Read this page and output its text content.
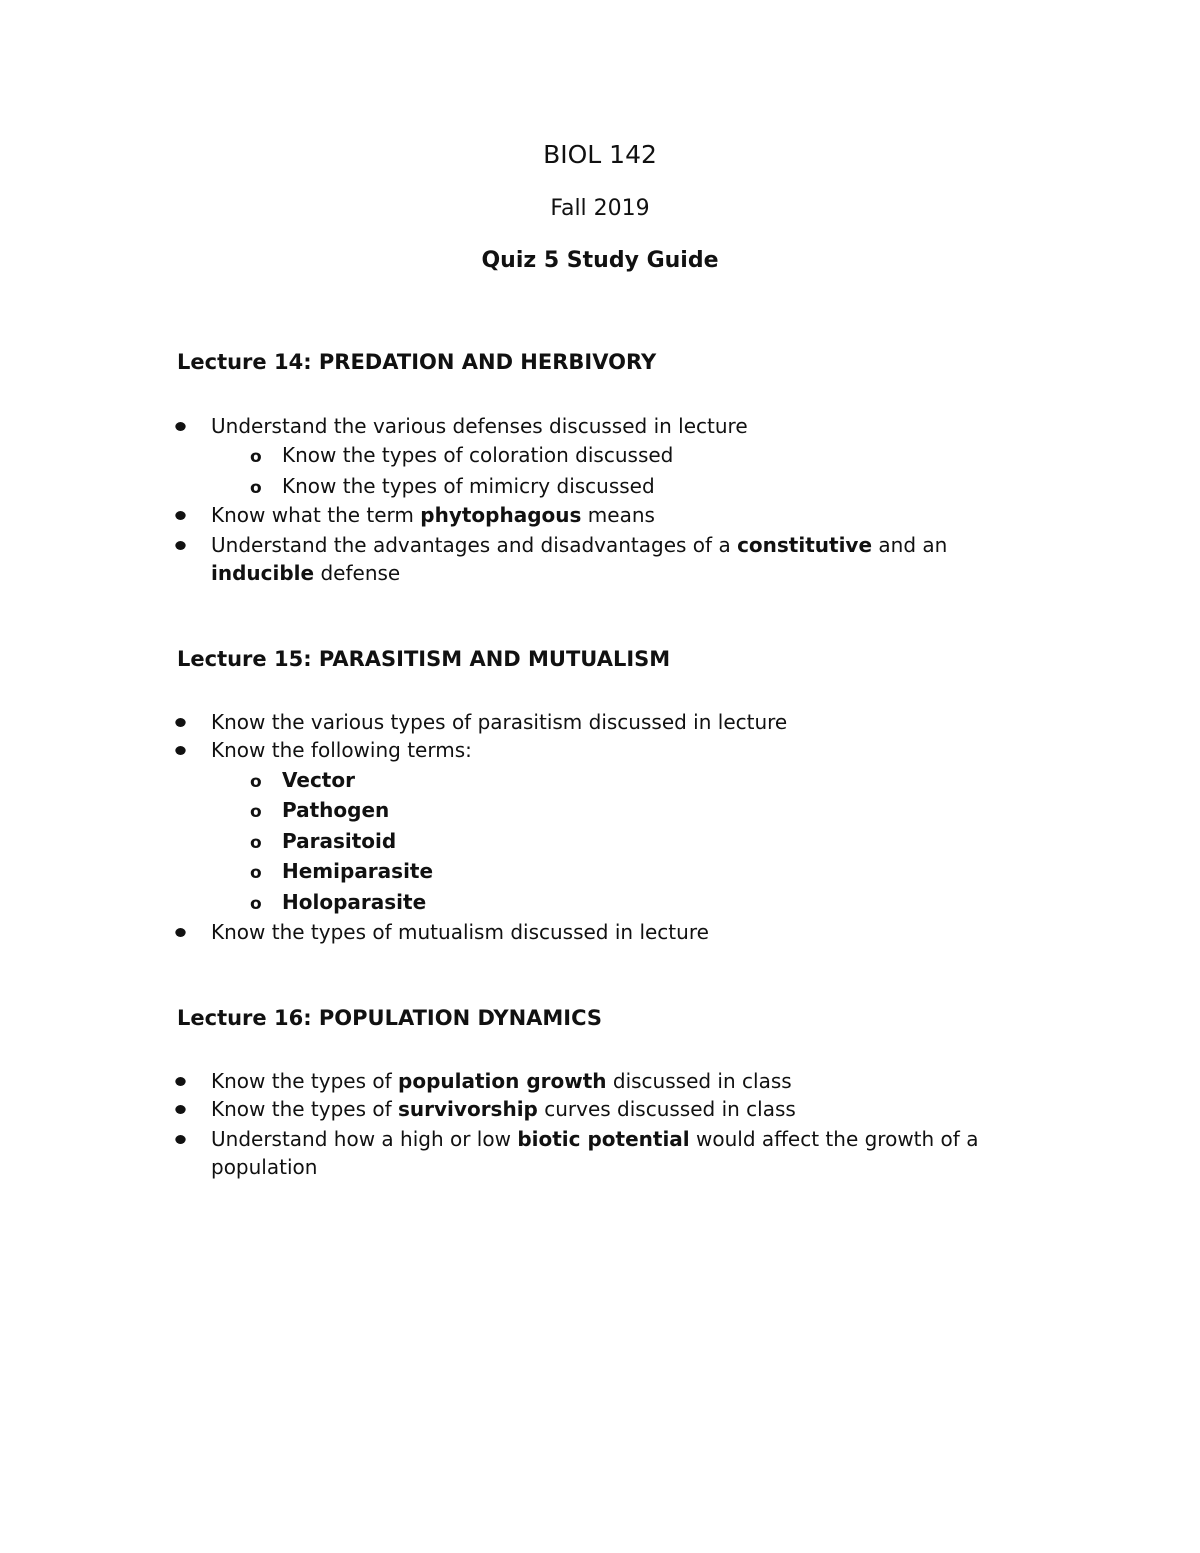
BIOL 142
Fall 2019
Quiz 5 Study Guide
Lecture 14: PREDATION AND HERBIVORY
Understand the various defenses discussed in lecture
o Know the types of coloration discussed
o Know the types of mimicry discussed
Know what the term phytophagous means
Understand the advantages and disadvantages of a constitutive and an
inducible defense
Lecture 15: PARASITISM AND MUTUALISM
Know the various types of parasitism discussed in lecture
Know the following terms:
o Vector
o Pathogen
o Parasitoid
o Hemiparasite
o Holoparasite
Know the types of mutualism discussed in lecture
Lecture 16: POPULATION DYNAMICS
Know the types of population growth discussed in class
Know the types of survivorship curves discussed in class
Understand how a high or low biotic potential would affect the growth of a
population
